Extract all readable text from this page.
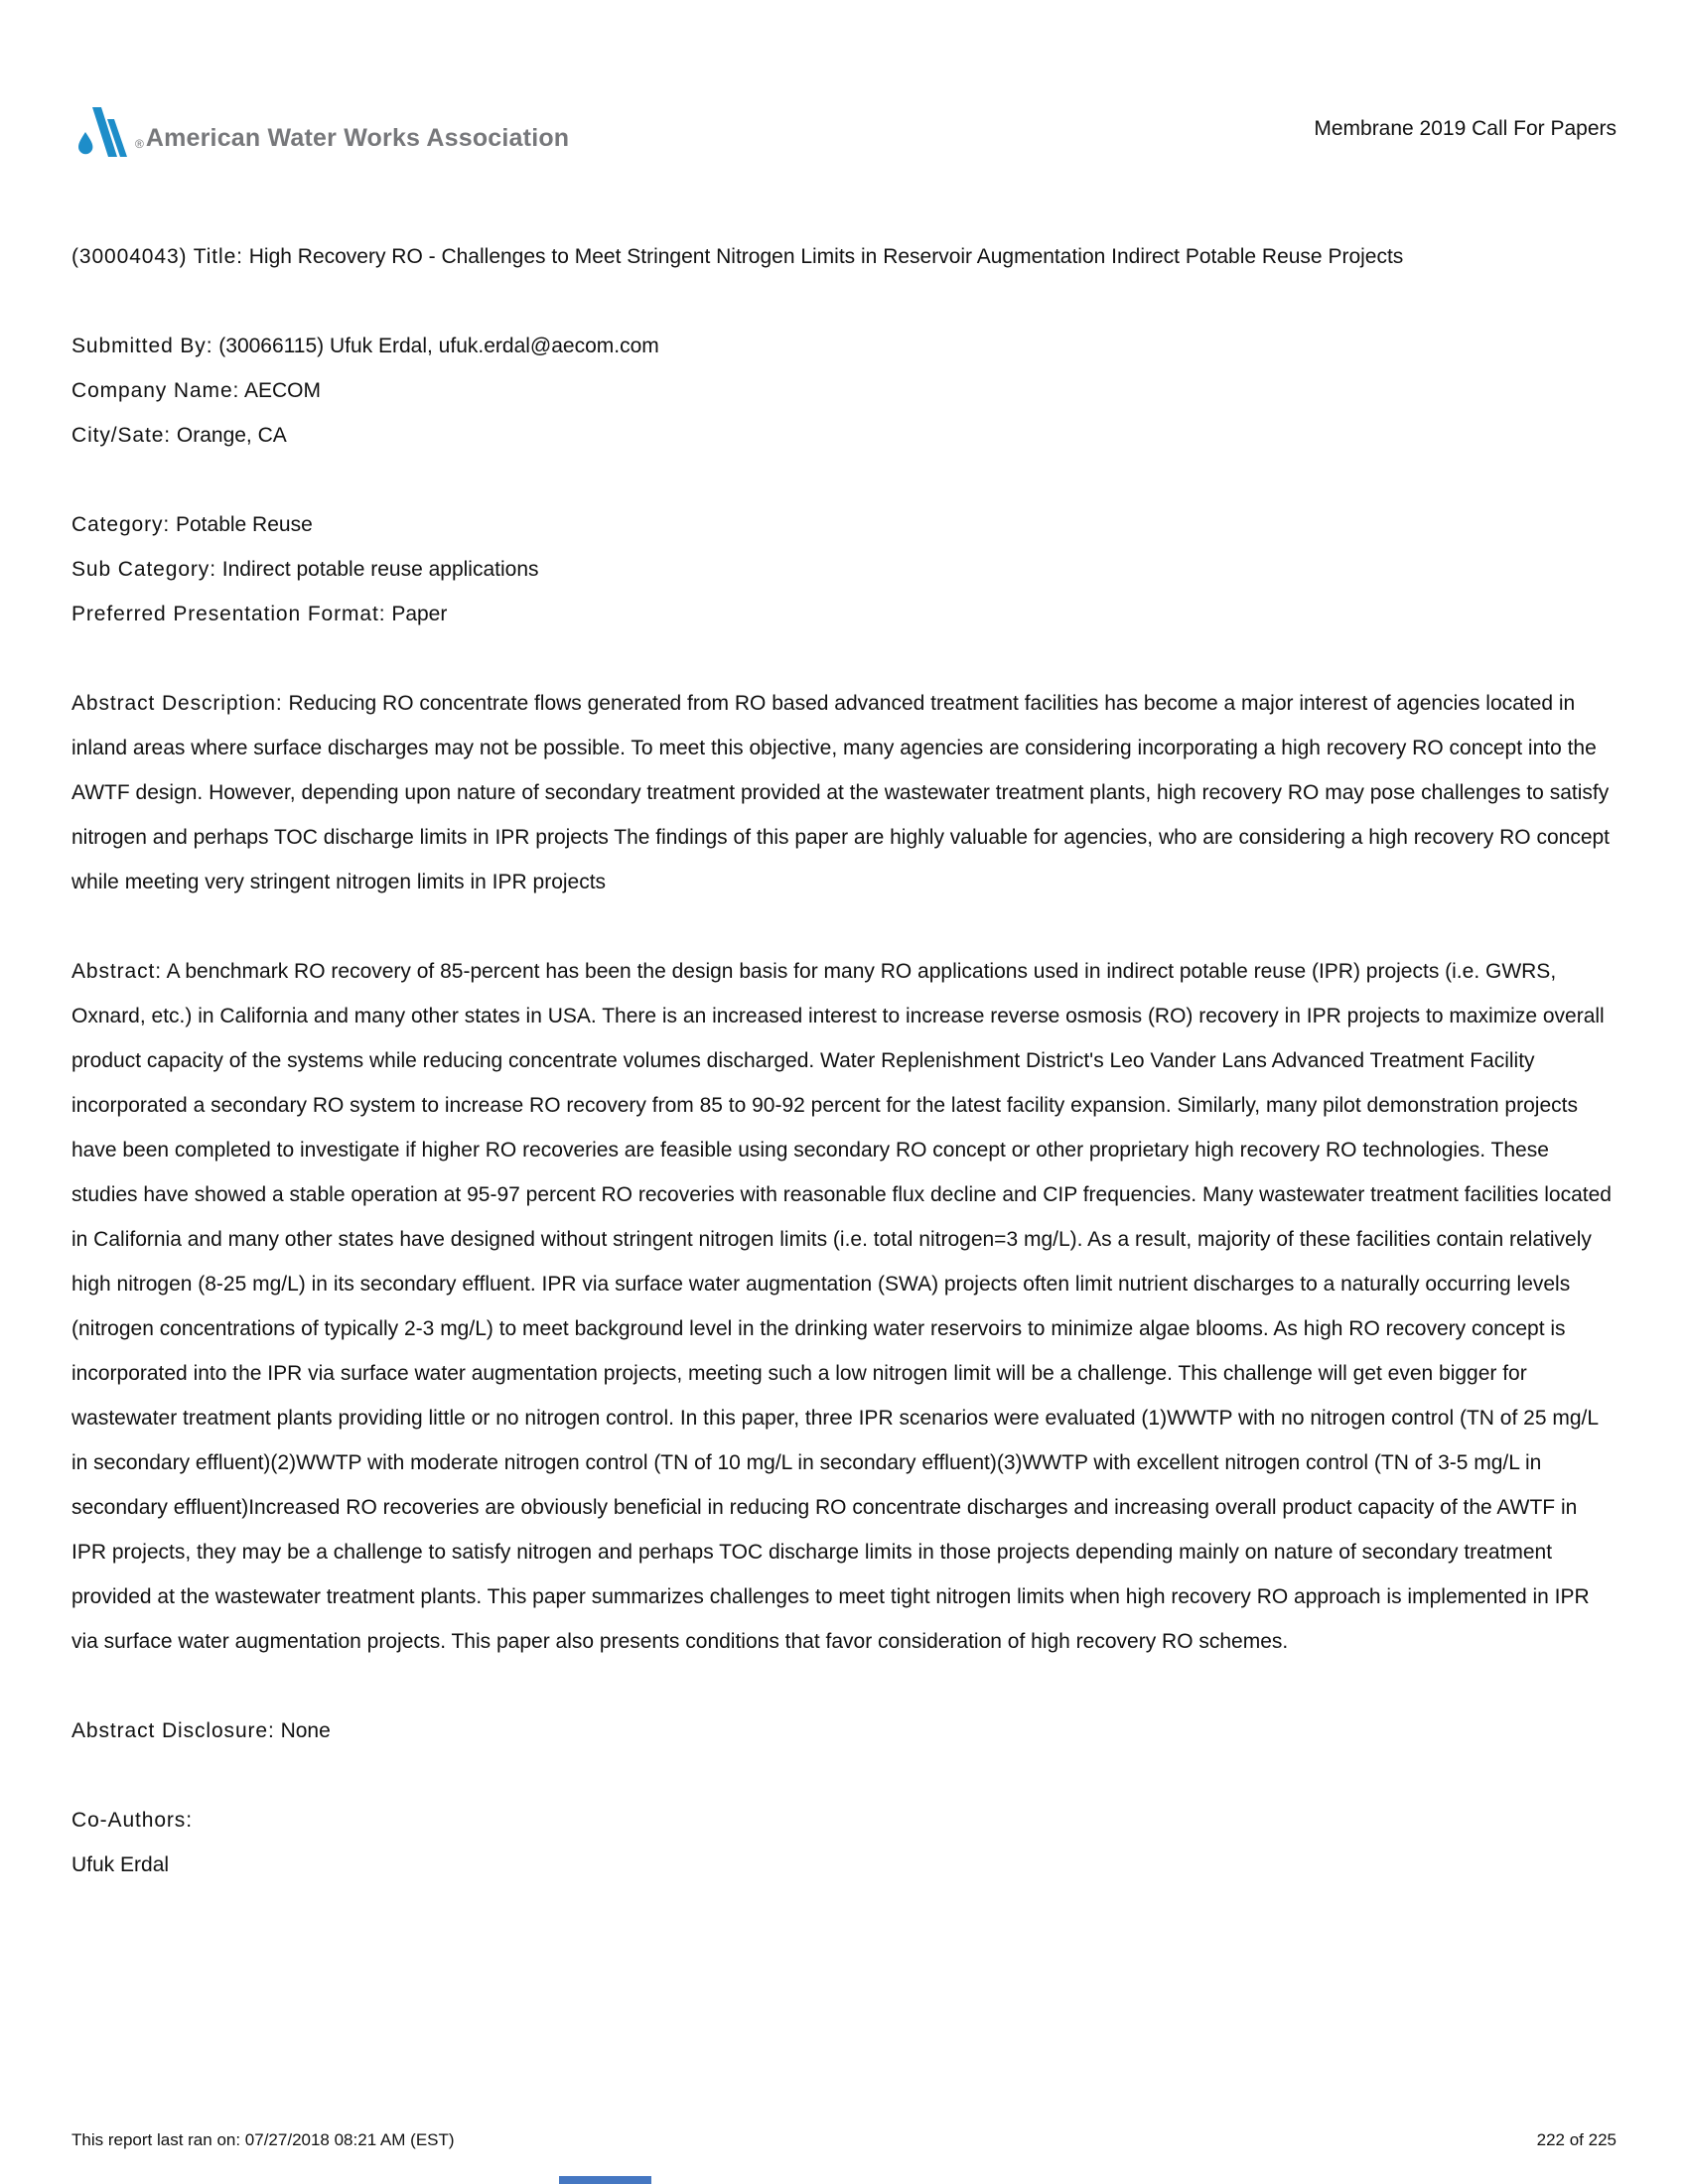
® American Water Works Association	Membrane 2019 Call For Papers

(30004043) Title: High Recovery RO - Challenges to Meet Stringent Nitrogen Limits in Reservoir Augmentation Indirect Potable Reuse Projects

Submitted By: (30066115) Ufuk Erdal, ufuk.erdal@aecom.com

Company Name: AECOM

City/Sate: Orange, CA

Category: Potable Reuse

Sub Category: Indirect potable reuse applications

Preferred Presentation Format: Paper

Abstract Description: Reducing RO concentrate flows generated from RO based advanced treatment facilities has become a major interest of agencies located in inland areas where surface discharges may not be possible. To meet this objective, many agencies are considering incorporating a high recovery RO concept into the AWTF design. However, depending upon nature of secondary treatment provided at the wastewater treatment plants, high recovery RO may pose challenges to satisfy nitrogen and perhaps TOC discharge limits in IPR projects The findings of this paper are highly valuable for agencies, who are considering a high recovery RO concept while meeting very stringent nitrogen limits in IPR projects

Abstract: A benchmark RO recovery of 85-percent has been the design basis for many RO applications used in indirect potable reuse (IPR) projects (i.e. GWRS, Oxnard, etc.) in California and many other states in USA. There is an increased interest to increase reverse osmosis (RO) recovery in IPR projects to maximize overall product capacity of the systems while reducing concentrate volumes discharged. Water Replenishment District's Leo Vander Lans Advanced Treatment Facility incorporated a secondary RO system to increase RO recovery from 85 to 90-92 percent for the latest facility expansion. Similarly, many pilot demonstration projects have been completed to investigate if higher RO recoveries are feasible using secondary RO concept or other proprietary high recovery RO technologies. These studies have showed a stable operation at 95-97 percent RO recoveries with reasonable flux decline and CIP frequencies. Many wastewater treatment facilities located in California and many other states have designed without stringent nitrogen limits (i.e. total nitrogen=3 mg/L). As a result, majority of these facilities contain relatively high nitrogen (8-25 mg/L) in its secondary effluent. IPR via surface water augmentation (SWA) projects often limit nutrient discharges to a naturally occurring levels (nitrogen concentrations of typically 2-3 mg/L) to meet background level in the drinking water reservoirs to minimize algae blooms. As high RO recovery concept is incorporated into the IPR via surface water augmentation projects, meeting such a low nitrogen limit will be a challenge. This challenge will get even bigger for wastewater treatment plants providing little or no nitrogen control. In this paper, three IPR scenarios were evaluated (1)WWTP with no nitrogen control (TN of 25 mg/L in secondary effluent)(2)WWTP with moderate nitrogen control (TN of 10 mg/L in secondary effluent)(3)WWTP with excellent nitrogen control (TN of 3-5 mg/L in secondary effluent)Increased RO recoveries are obviously beneficial in reducing RO concentrate discharges and increasing overall product capacity of the AWTF in IPR projects, they may be a challenge to satisfy nitrogen and perhaps TOC discharge limits in those projects depending mainly on nature of secondary treatment provided at the wastewater treatment plants. This paper summarizes challenges to meet tight nitrogen limits when high recovery RO approach is implemented in IPR via surface water augmentation projects. This paper also presents conditions that favor consideration of high recovery RO schemes.

Abstract Disclosure: None

Co-Authors:

Ufuk Erdal

This report last ran on: 07/27/2018 08:21 AM (EST)	222 of 225
